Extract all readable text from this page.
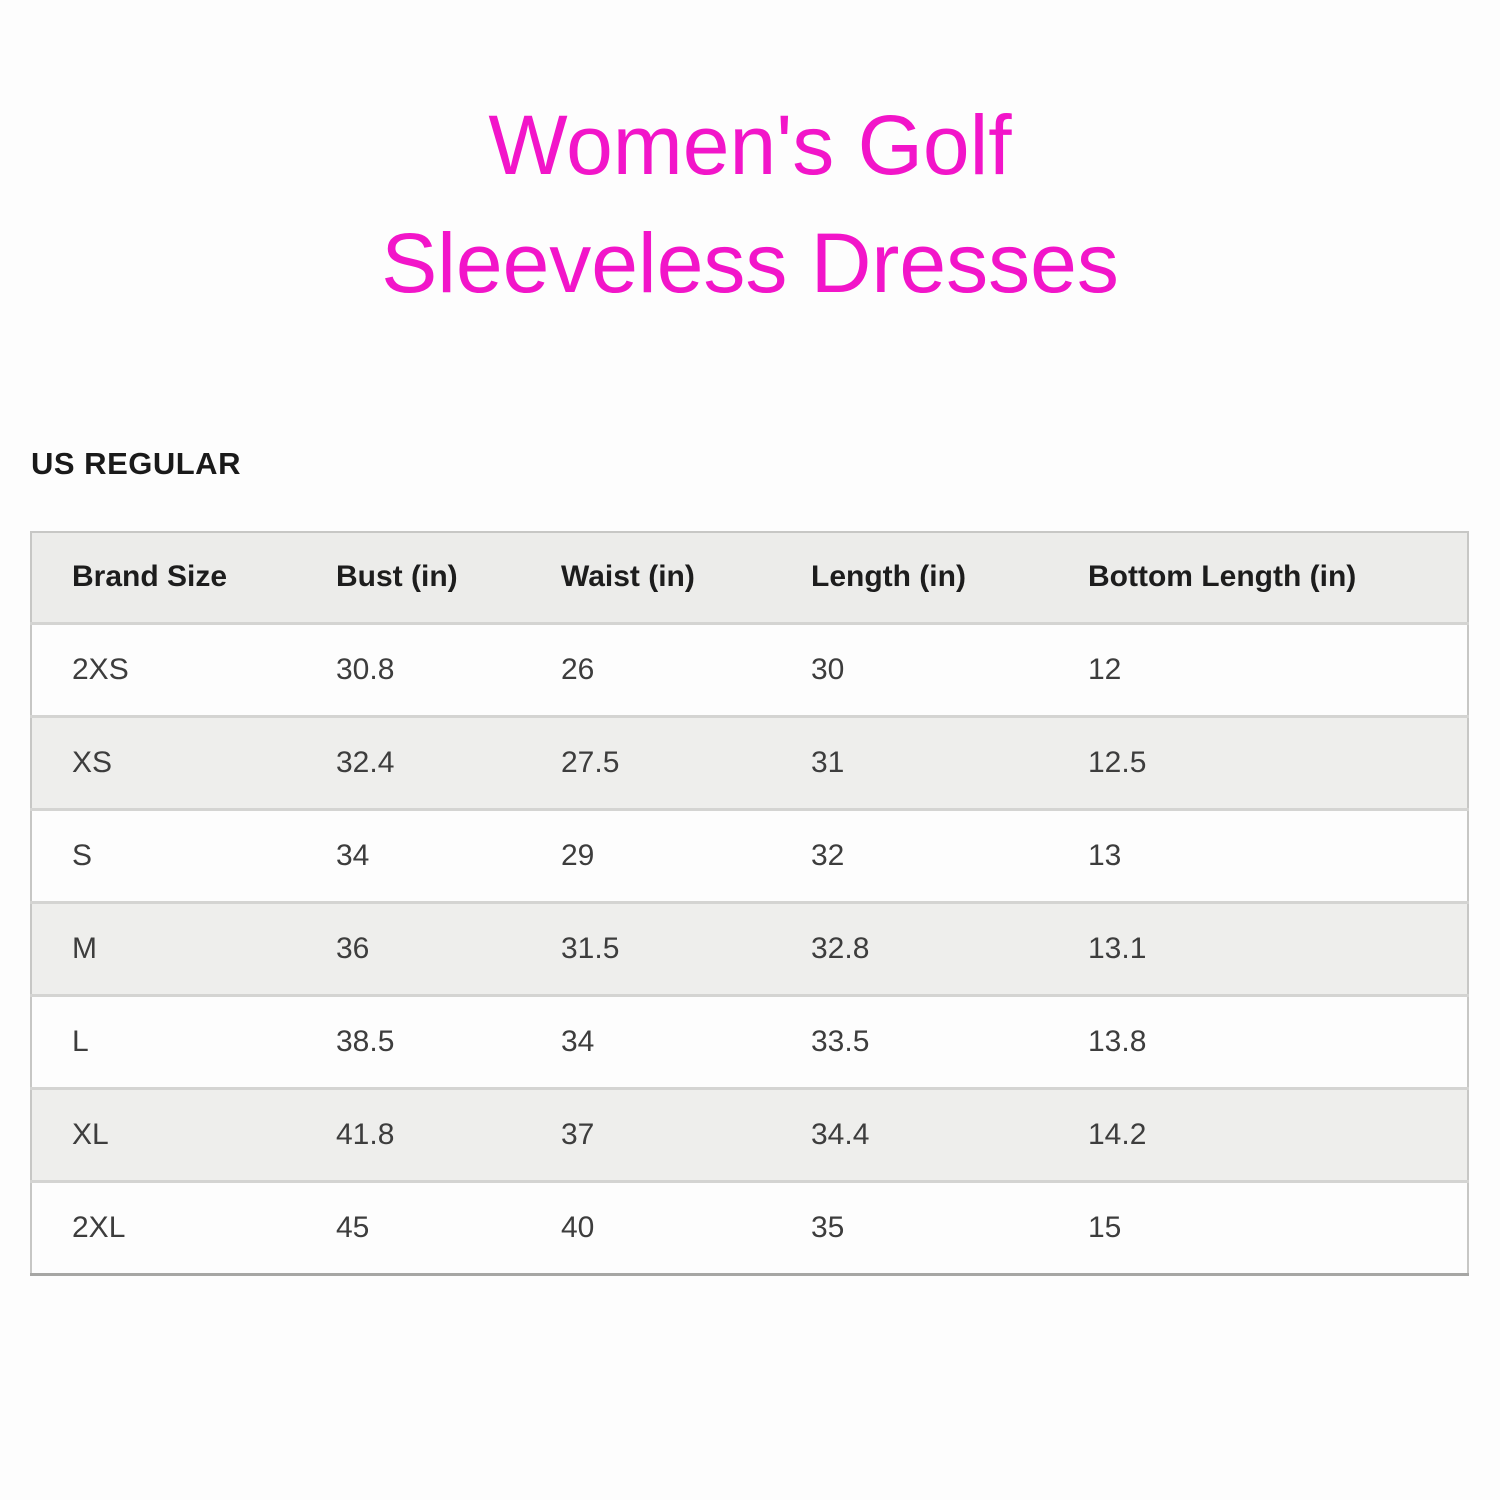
Women's Golf
Sleeveless Dresses
US REGULAR
Brand Size	Bust (in)	Waist (in)	Length (in)	Bottom Length (in)
2XS	30.8	26	30	12
XS	32.4	27.5	31	12.5
S	34	29	32	13
M	36	31.5	32.8	13.1
L	38.5	34	33.5	13.8
XL	41.8	37	34.4	14.2
2XL	45	40	35	15
